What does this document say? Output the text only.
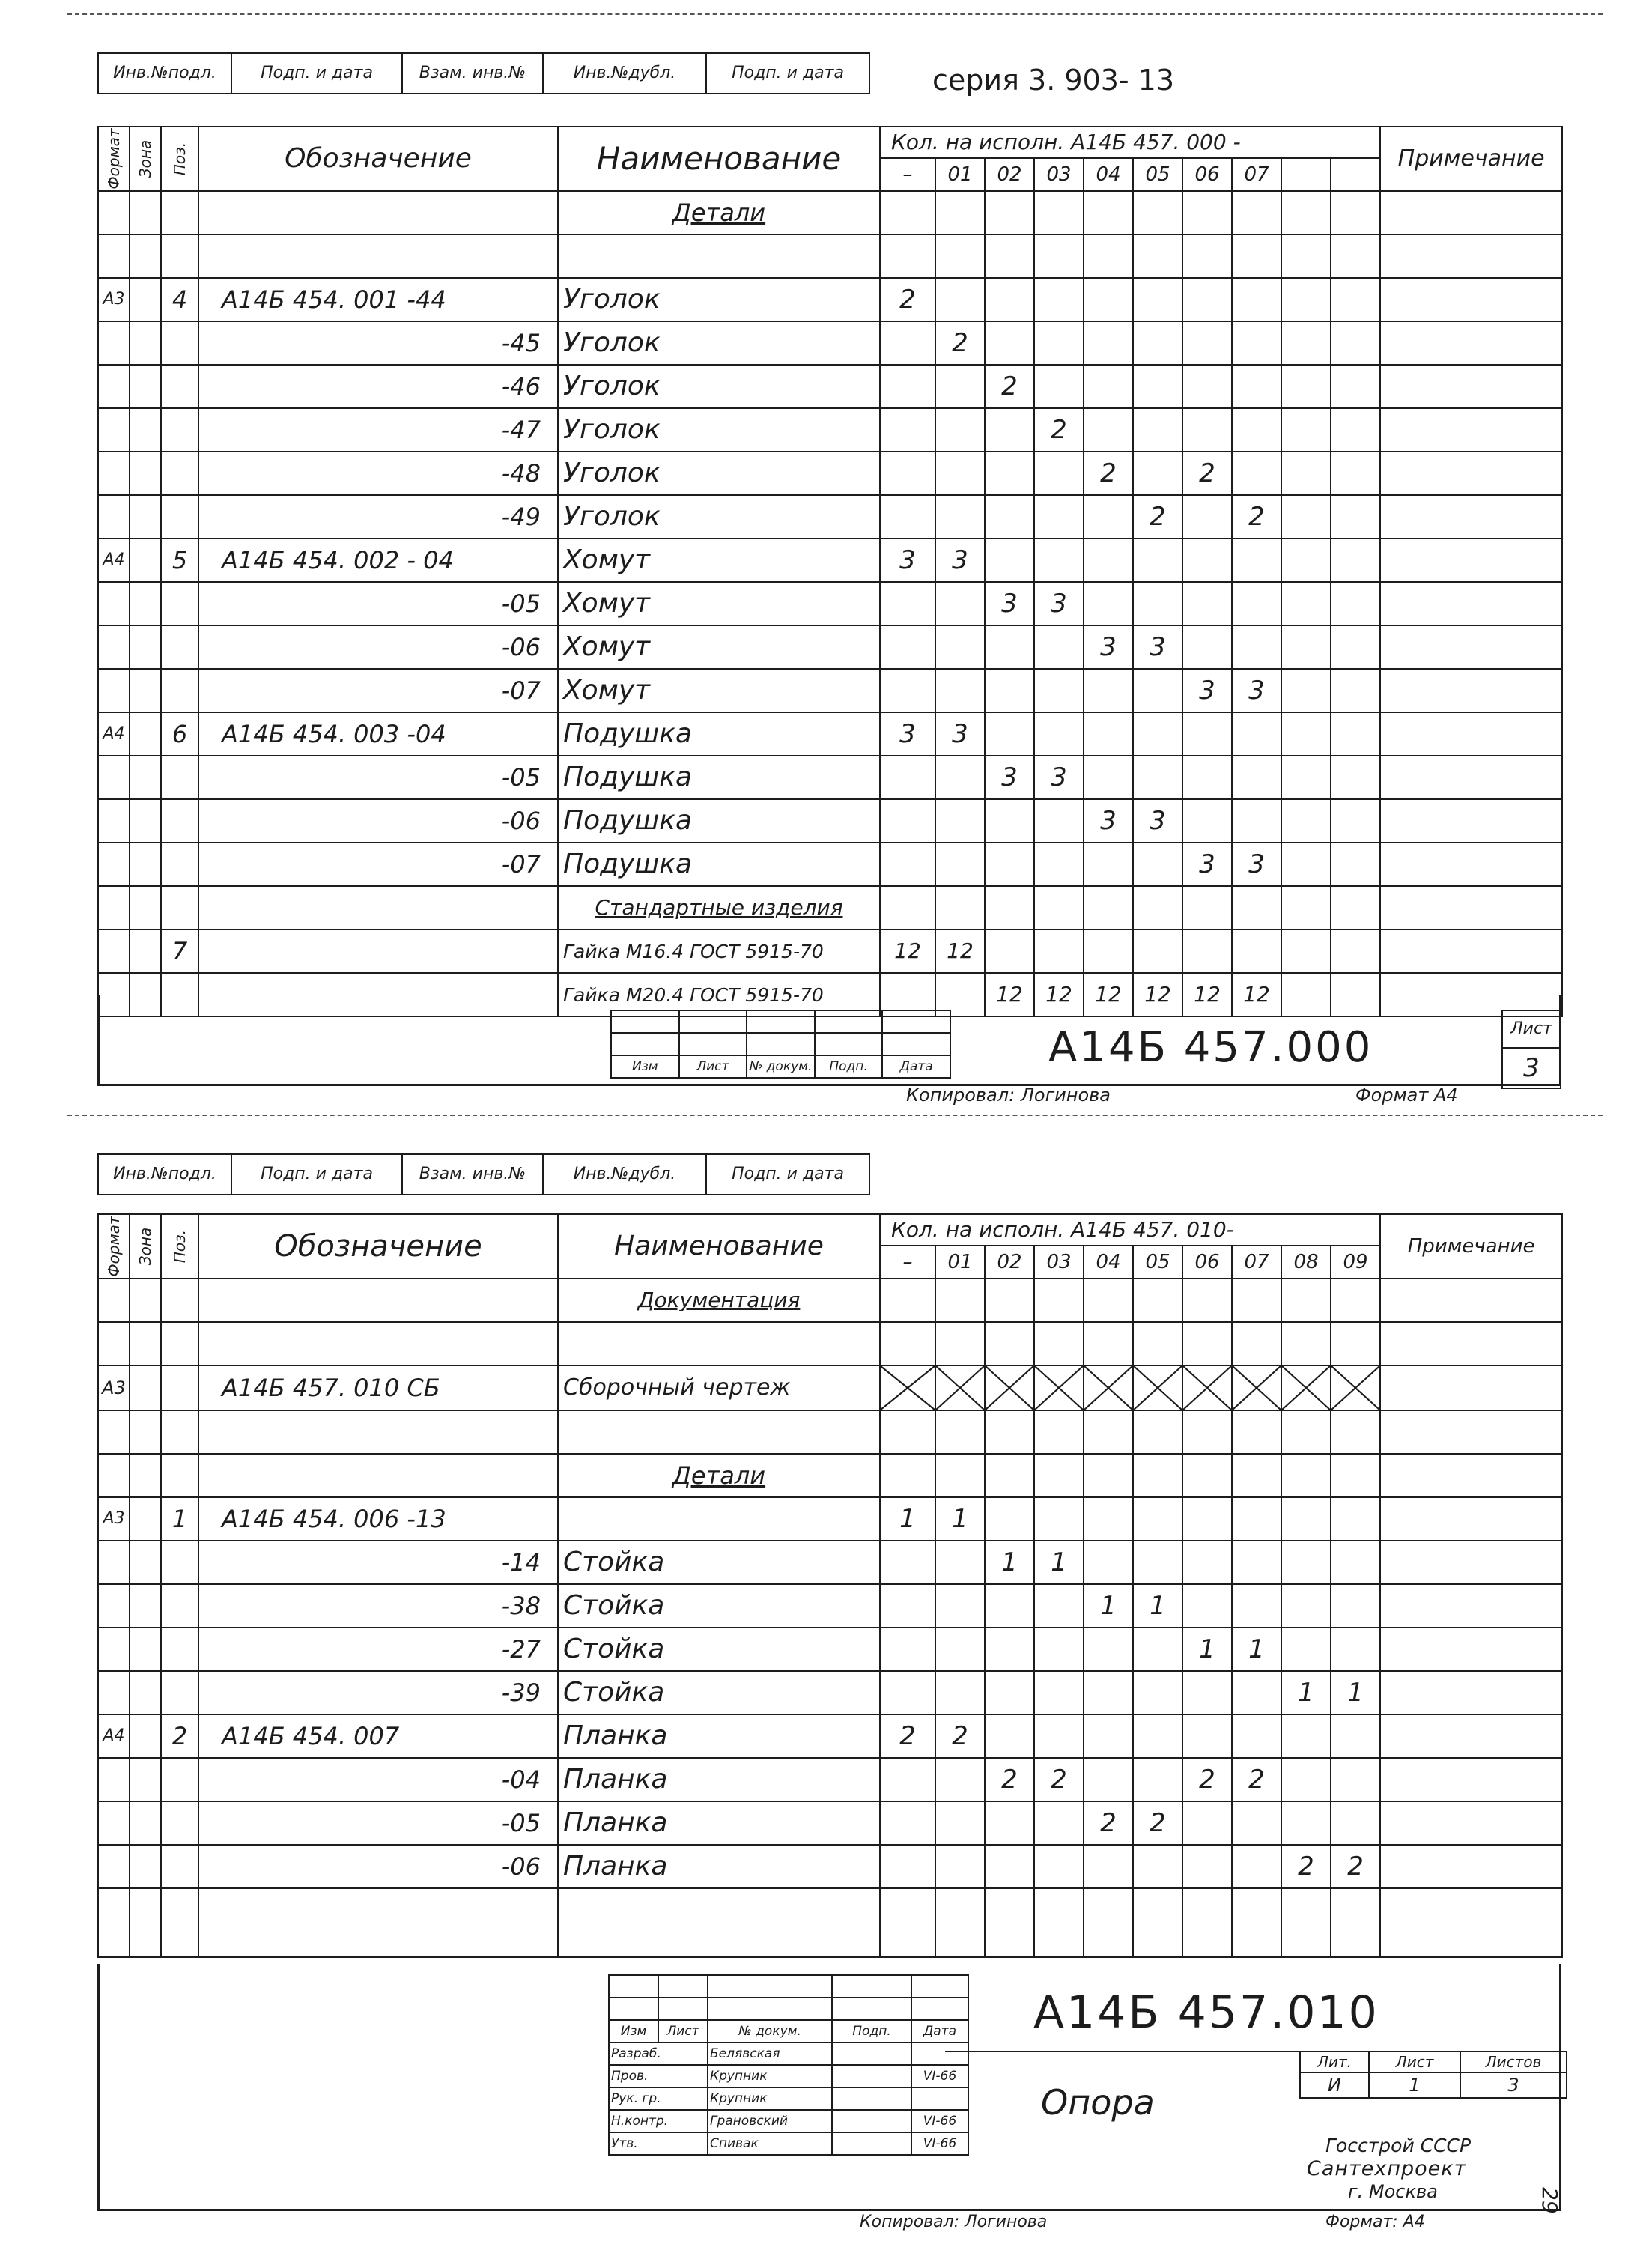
Инв.№подл.	Подп. и дата	Взам. инв.№	Инв.№дубл.	Подп. и дата	серия 3. 903- 13
Формат	Зона	Поз.	Обозначение	Наименование	Кол. на исполн. А14Б 457. 000 -										Примечание
					–	01	02	03	04	05	06	07			
				Детали											

А3		4	А14Б 454. 001 -44	Уголок	2										
			-45	Уголок		2									
			-46	Уголок			2								
			-47	Уголок				2							
			-48	Уголок					2		2				
			-49	Уголок						2		2			
А4		5	А14Б 454. 002 - 04	Хомут	3	3									
			-05	Хомут			3	3							
			-06	Хомут					3	3					
			-07	Хомут							3	3			
А4		6	А14Б 454. 003 -04	Подушка	3	3									
			-05	Подушка			3	3							
			-06	Подушка					3	3					
			-07	Подушка							3	3			
				Стандартные изделия											
		7		Гайка М16.4 ГОСТ 5915-70	12	12									
				Гайка М20.4 ГОСТ 5915-70			12	12	12	12	12	12			

Изм	Лист	№ докум.	Подп.	Дата	А14Б 457.000	Лист
3
Копировал: Логинова	Формат А4
Инв.№подл.	Подп. и дата	Взам. инв.№	Инв.№дубл.	Подп. и дата
Формат	Зона	Поз.	Обозначение	Наименование	Кол. на исполн. А14Б 457. 010-										Примечание
					–	01	02	03	04	05	06	07	08	09	
				Документация											

А3			А14Б 457. 010 СБ	Сборочный чертеж	

				Детали											
А3		1	А14Б 454. 006 -13		1	1									
			-14	Стойка			1	1							
			-38	Стойка					1	1					
			-27	Стойка							1	1			
			-39	Стойка									1	1	
А4		2	А14Б 454. 007	Планка	2	2									
			-04	Планка			2	2			2	2			
			-05	Планка					2	2					
			-06	Планка									2	2	

Изм	Лист	№ докум.	Подп.	Дата
Разраб.		Белявская		
Пров.		Крупник		VI-66
Рук. гр.		Крупник		
Н.контр.		Грановский		VI-66
Утв.		Спивак		VI-66
А14Б 457.010
Опора
Лит.	Лист	Листов
И	1	3
Госстрой СССР
Сантехпроект
г. Москва
Копировал: Логинова	Формат: А4
29
